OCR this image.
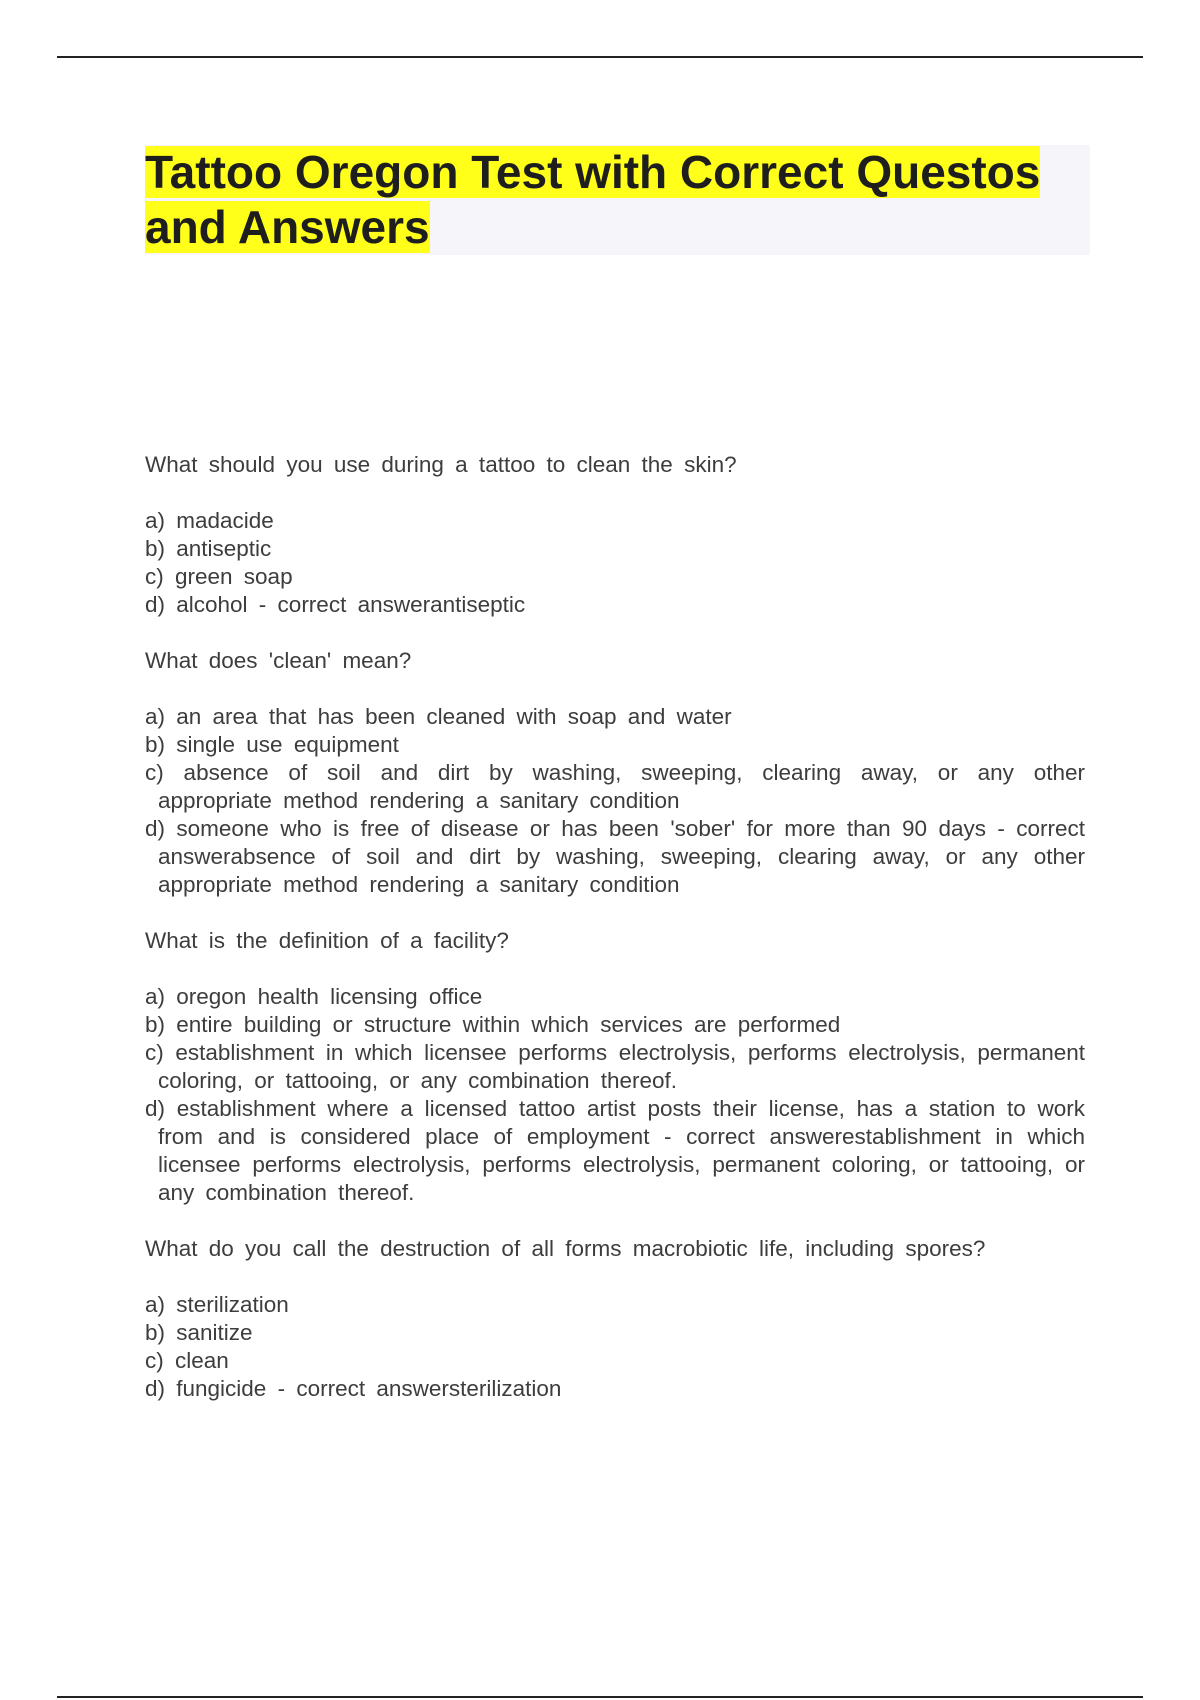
Tattoo Oregon Test with Correct Questos and Answers

What should you use during a tattoo to clean the skin?

a) madacide
b) antiseptic
c) green soap
d) alcohol - correct answerantiseptic

What does 'clean' mean?

a) an area that has been cleaned with soap and water
b) single use equipment
c) absence of soil and dirt by washing, sweeping, clearing away, or any other appropriate method rendering a sanitary condition
d) someone who is free of disease or has been 'sober' for more than 90 days - correct answerabsence of soil and dirt by washing, sweeping, clearing away, or any other appropriate method rendering a sanitary condition

What is the definition of a facility?

a) oregon health licensing office
b) entire building or structure within which services are performed
c) establishment in which licensee performs electrolysis, performs electrolysis, permanent coloring, or tattooing, or any combination thereof.
d) establishment where a licensed tattoo artist posts their license, has a station to work from and is considered place of employment - correct answerestablishment in which licensee performs electrolysis, performs electrolysis, permanent coloring, or tattooing, or any combination thereof.

What do you call the destruction of all forms macrobiotic life, including spores?

a) sterilization
b) sanitize
c) clean
d) fungicide - correct answersterilization
